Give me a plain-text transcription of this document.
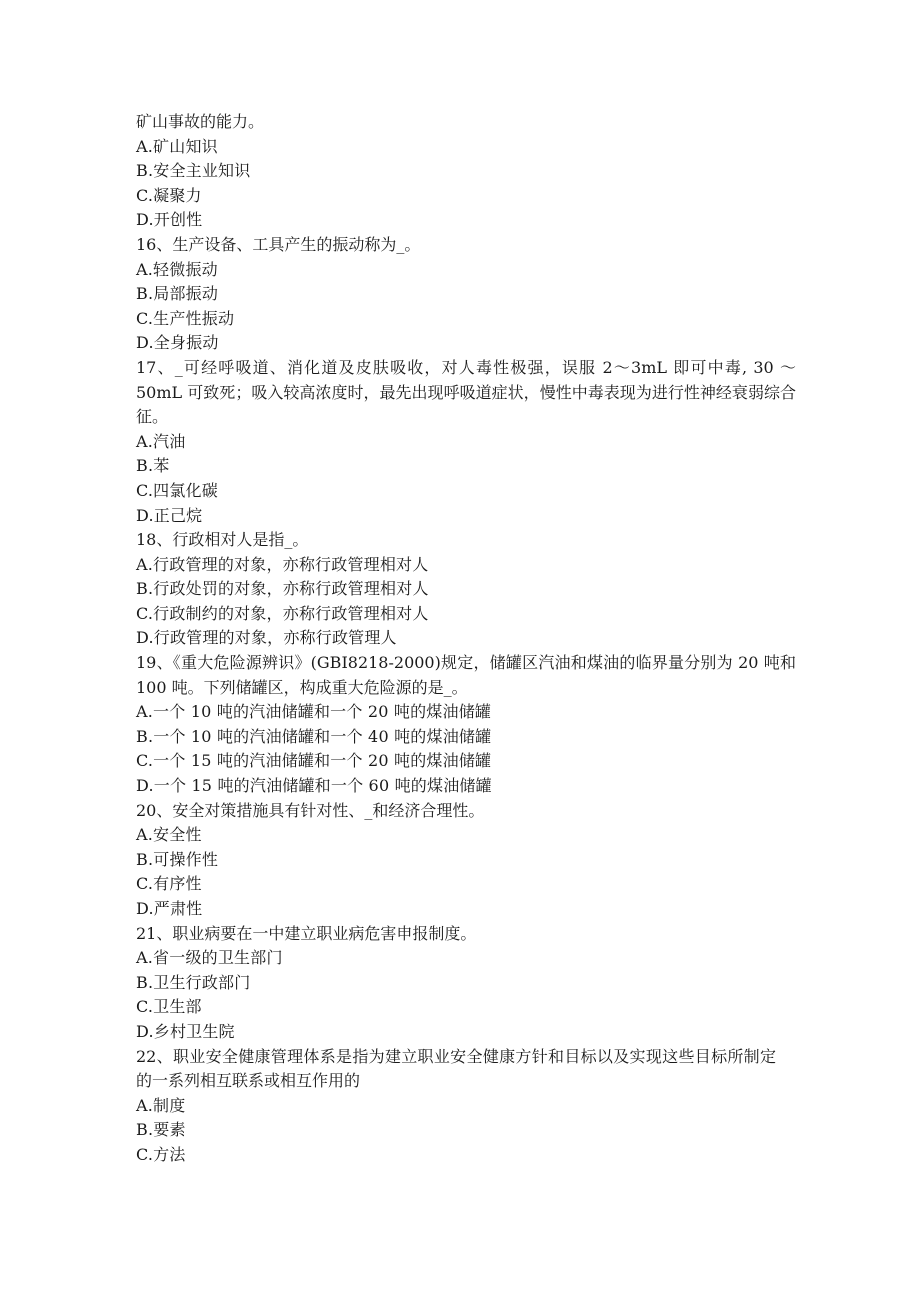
矿山事故的能力。
A.矿山知识
B.安全主业知识
C.凝聚力
D.开创性
16、生产设备、工具产生的振动称为_。
A.轻微振动
B.局部振动
C.生产性振动
D.全身振动
17、_可经呼吸道、消化道及皮肤吸收，对人毒性极强，误服 2～3mL 即可中毒, 30 ～50mL 可致死；吸入较高浓度时，最先出现呼吸道症状，慢性中毒表现为进行性神经衰弱综合征。
A.汽油
B.苯
C.四氯化碳
D.正己烷
18、行政相对人是指_。
A.行政管理的对象，亦称行政管理相对人
B.行政处罚的对象，亦称行政管理相对人
C.行政制约的对象，亦称行政管理相对人
D.行政管理的对象，亦称行政管理人
19、《重大危险源辨识》(GBI8218-2000)规定，储罐区汽油和煤油的临界量分别为 20 吨和 100 吨。下列储罐区，构成重大危险源的是_。
A.一个 10 吨的汽油储罐和一个 20 吨的煤油储罐
B.一个 10 吨的汽油储罐和一个 40 吨的煤油储罐
C.一个 15 吨的汽油储罐和一个 20 吨的煤油储罐
D.一个 15 吨的汽油储罐和一个 60 吨的煤油储罐
20、安全对策措施具有针对性、_和经济合理性。
A.安全性
B.可操作性
C.有序性
D.严肃性
21、职业病要在一中建立职业病危害申报制度。
A.省一级的卫生部门
B.卫生行政部门
C.卫生部
D.乡村卫生院
22、职业安全健康管理体系是指为建立职业安全健康方针和目标以及实现这些目标所制定的一系列相互联系或相互作用的
A.制度
B.要素
C.方法
